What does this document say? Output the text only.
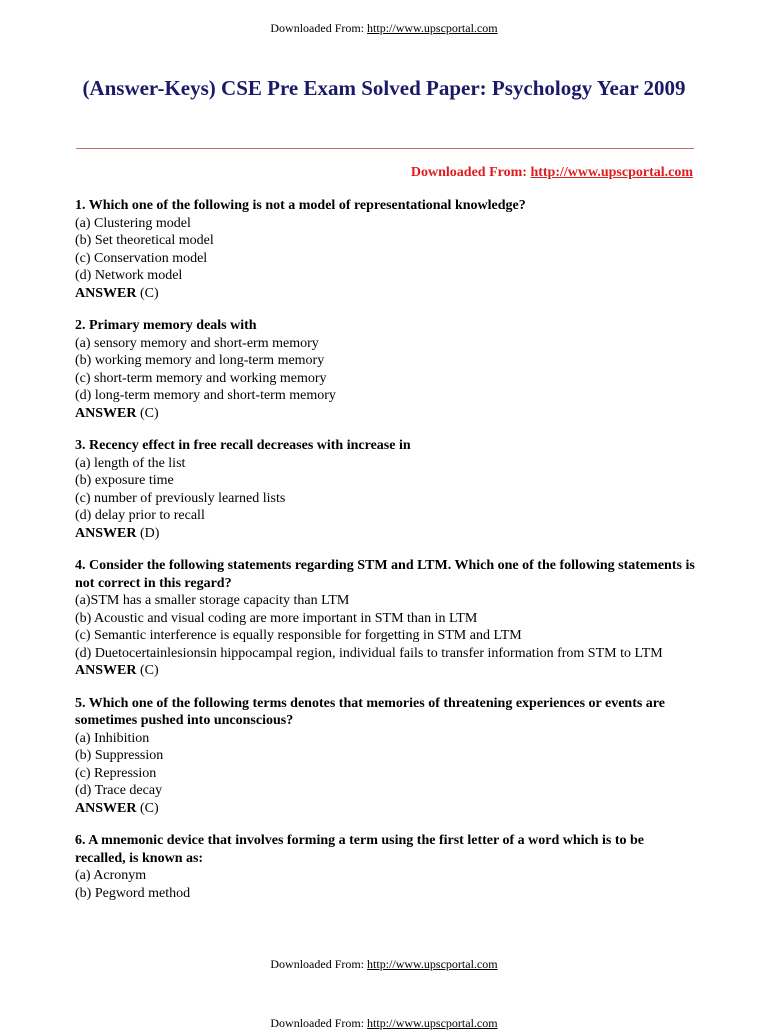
Downloaded From: http://www.upscportal.com
(Answer-Keys) CSE Pre Exam Solved Paper: Psychology Year 2009
Downloaded From: http://www.upscportal.com
1. Which one of the following is not a model of representational knowledge?
(a) Clustering model
(b) Set theoretical model
(c) Conservation model
(d) Network model
ANSWER (C)
2. Primary memory deals with
(a) sensory memory and short-erm memory
(b) working memory and long-term memory
(c) short-term memory and working memory
(d) long-term memory and short-term memory
ANSWER (C)
3. Recency effect in free recall decreases with increase in
(a) length of the list
(b) exposure time
(c) number of previously learned lists
(d) delay prior to recall
ANSWER (D)
4. Consider the following statements regarding STM and LTM. Which one of the following statements is not correct in this regard?
(a)STM has a smaller storage capacity than LTM
(b) Acoustic and visual coding are more important in STM than in LTM
(c) Semantic interference is equally responsible for forgetting in STM and LTM
(d) Duetocertainlesionsin hippocampal region, individual fails to transfer information from STM to LTM
ANSWER (C)
5. Which one of the following terms denotes that memories of threatening experiences or events are sometimes pushed into unconscious?
(a) Inhibition
(b) Suppression
(c) Repression
(d) Trace decay
ANSWER (C)
6. A mnemonic device that involves forming a term using the first letter of a word which is to be recalled, is known as:
(a) Acronym
(b) Pegword method
Downloaded From: http://www.upscportal.com
Downloaded From: http://www.upscportal.com
